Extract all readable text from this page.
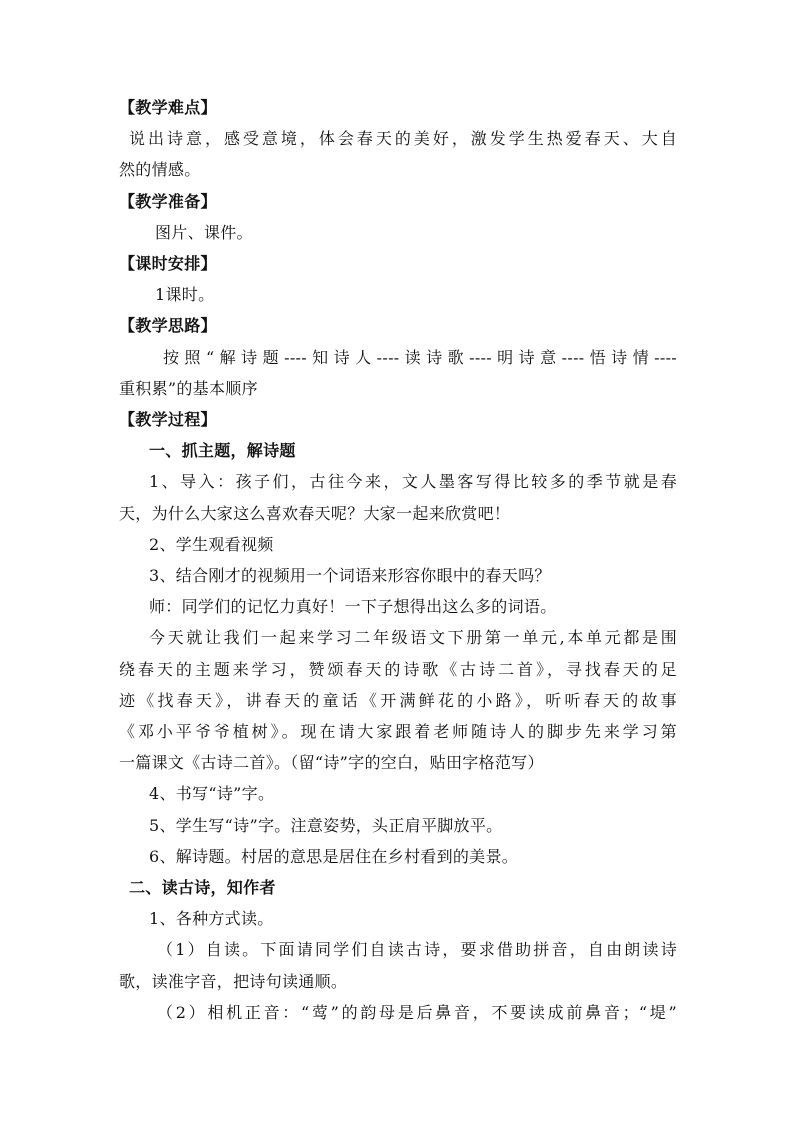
【教学难点】

说出诗意，感受意境，体会春天的美好，激发学生热爱春天、大自

然的情感。

【教学准备】

图片、课件。

【课时安排】

1课时。

【教学思路】

按照“解诗题----知诗人----读诗歌----明诗意----悟诗情----

重积累”的基本顺序

【教学过程】

一、抓主题，解诗题

1、导入：孩子们，古往今来，文人墨客写得比较多的季节就是春

天，为什么大家这么喜欢春天呢？大家一起来欣赏吧！

2、学生观看视频

3、结合刚才的视频用一个词语来形容你眼中的春天吗？

师：同学们的记忆力真好！一下子想得出这么多的词语。

今天就让我们一起来学习二年级语文下册第一单元,本单元都是围

绕春天的主题来学习，赞颂春天的诗歌《古诗二首》，寻找春天的足

迹《找春天》，讲春天的童话《开满鲜花的小路》，听听春天的故事

《邓小平爷爷植树》。现在请大家跟着老师随诗人的脚步先来学习第

一篇课文《古诗二首》。（留“诗”字的空白，贴田字格范写）

4、书写“诗”字。

5、学生写“诗”字。注意姿势，头正肩平脚放平。

6、解诗题。村居的意思是居住在乡村看到的美景。

二、读古诗，知作者

1、各种方式读。

（1）自读。下面请同学们自读古诗，要求借助拼音，自由朗读诗

歌，读准字音，把诗句读通顺。

（2）相机正音：“莺”的韵母是后鼻音，不要读成前鼻音；“堤”
